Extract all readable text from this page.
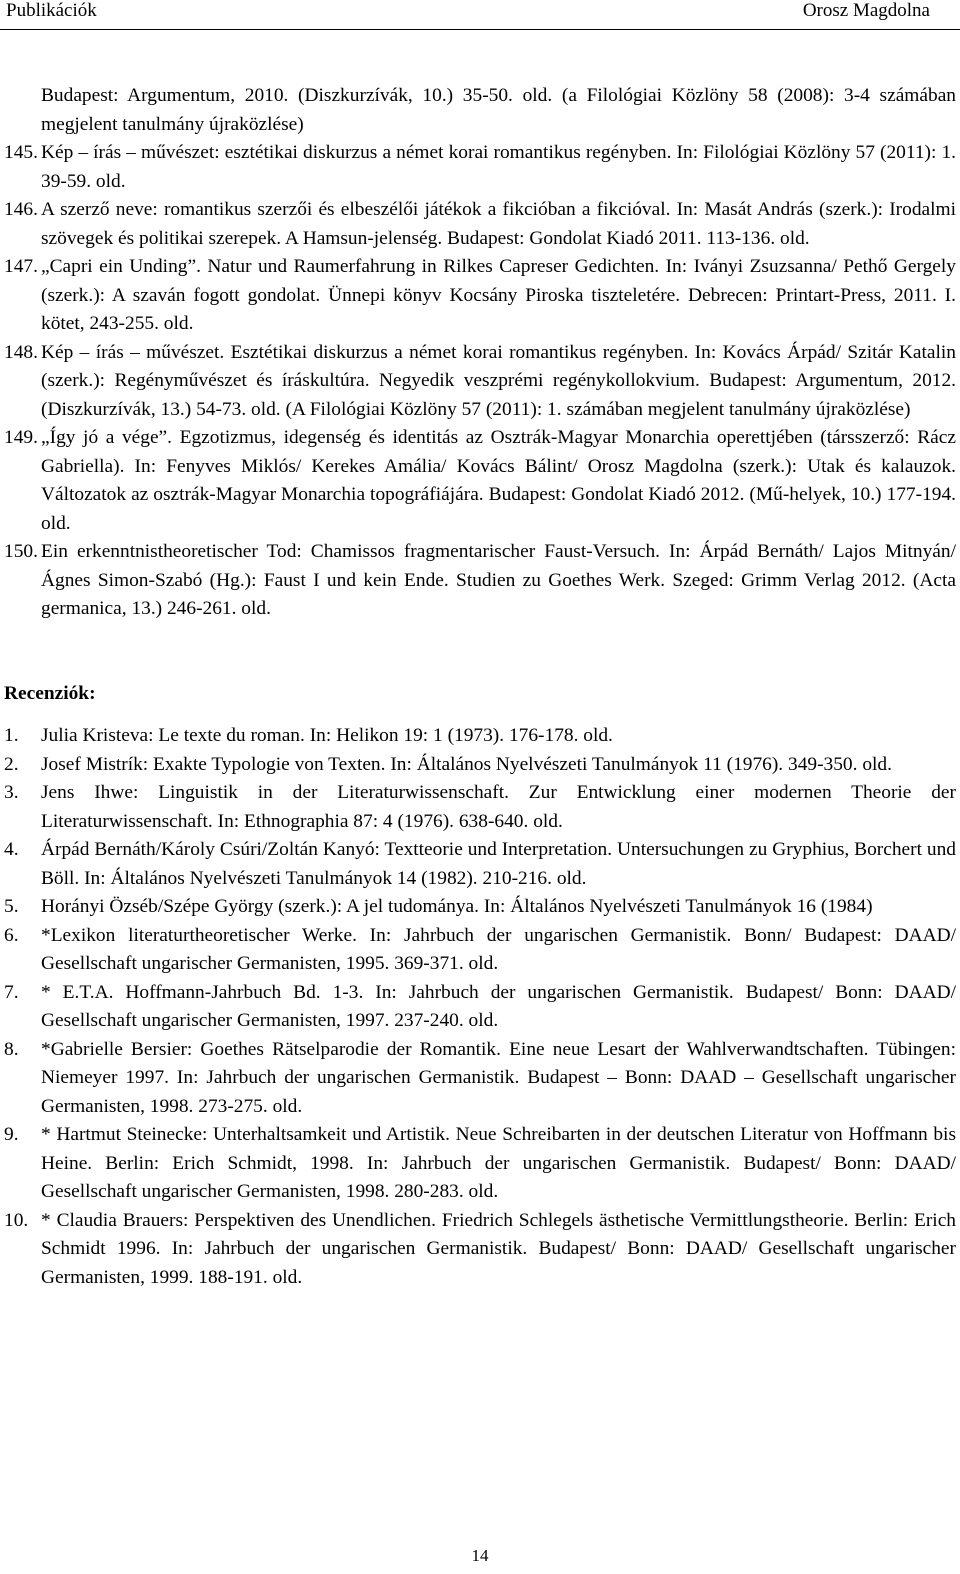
Publikációk	Orosz Magdolna
Budapest: Argumentum, 2010. (Diszkurzívák, 10.) 35-50. old. (a Filológiai Közlöny 58 (2008): 3-4 számában megjelent tanulmány újraközlése)
145. Kép – írás – művészet: esztétikai diskurzus a német korai romantikus regényben. In: Filológiai Közlöny 57 (2011): 1. 39-59. old.
146. A szerző neve: romantikus szerzői és elbeszélői játékok a fikcióban a fikcióval. In: Masát András (szerk.): Irodalmi szövegek és politikai szerepek. A Hamsun-jelenség. Budapest: Gondolat Kiadó 2011. 113-136. old.
147. „Capri ein Unding”. Natur und Raumerfahrung in Rilkes Capreser Gedichten. In: Iványi Zsuzsanna/ Pethő Gergely (szerk.): A szaván fogott gondolat. Ünnepi könyv Kocsány Piroska tiszteletére. Debrecen: Printart-Press, 2011. I. kötet, 243-255. old.
148. Kép – írás – művészet. Esztétikai diskurzus a német korai romantikus regényben. In: Kovács Árpád/ Szitár Katalin (szerk.): Regényművészet és íráskultúra. Negyedik veszprémi regénykollokvium. Budapest: Argumentum, 2012. (Diszkurzívák, 13.) 54-73. old. (A Filológiai Közlöny 57 (2011): 1. számában megjelent tanulmány újraközlése)
149. „Így jó a vége”. Egzotizmus, idegenség és identitás az Osztrák-Magyar Monarchia operettjében (társszerző: Rácz Gabriella). In: Fenyves Miklós/ Kerekes Amália/ Kovács Bálint/ Orosz Magdolna (szerk.): Utak és kalauzok. Változatok az osztrák-Magyar Monarchia topográfiájára. Budapest: Gondolat Kiadó 2012. (Mű-helyek, 10.) 177-194. old.
150. Ein erkenntnistheoretischer Tod: Chamissos fragmentarischer Faust-Versuch. In: Árpád Bernáth/ Lajos Mitnyán/ Ágnes Simon-Szabó (Hg.): Faust I und kein Ende. Studien zu Goethes Werk. Szeged: Grimm Verlag 2012. (Acta germanica, 13.) 246-261. old.
Recenziók:
1.	Julia Kristeva: Le texte du roman. In: Helikon 19: 1 (1973). 176-178. old.
2.	Josef Mistrík: Exakte Typologie von Texten. In: Általános Nyelvészeti Tanulmányok 11 (1976). 349-350. old.
3.	Jens Ihwe: Linguistik in der Literaturwissenschaft. Zur Entwicklung einer modernen Theorie der Literaturwissenschaft. In: Ethnographia 87: 4 (1976). 638-640. old.
4.	Árpád Bernáth/Károly Csúri/Zoltán Kanyó: Textteorie und Interpretation. Untersuchungen zu Gryphius, Borchert und Böll. In: Általános Nyelvészeti Tanulmányok 14 (1982). 210-216. old.
5.	Horányi Özséb/Szépe György (szerk.): A jel tudománya. In: Általános Nyelvészeti Tanulmányok 16 (1984)
6.	*Lexikon literaturtheoretischer Werke. In: Jahrbuch der ungarischen Germanistik. Bonn/ Budapest: DAAD/ Gesellschaft ungarischer Germanisten, 1995. 369-371. old.
7.	* E.T.A. Hoffmann-Jahrbuch Bd. 1-3. In: Jahrbuch der ungarischen Germanistik. Budapest/ Bonn: DAAD/ Gesellschaft ungarischer Germanisten, 1997. 237-240. old.
8.	*Gabrielle Bersier: Goethes Rätselparodie der Romantik. Eine neue Lesart der Wahlverwandtschaften. Tübingen: Niemeyer 1997. In: Jahrbuch der ungarischen Germanistik. Budapest – Bonn: DAAD – Gesellschaft ungarischer Germanisten, 1998. 273-275. old.
9.	* Hartmut Steinecke: Unterhaltsamkeit und Artistik. Neue Schreibarten in der deutschen Literatur von Hoffmann bis Heine. Berlin: Erich Schmidt, 1998. In: Jahrbuch der ungarischen Germanistik. Budapest/ Bonn: DAAD/ Gesellschaft ungarischer Germanisten, 1998. 280-283. old.
10. * Claudia Brauers: Perspektiven des Unendlichen. Friedrich Schlegels ästhetische Vermittlungstheorie. Berlin: Erich Schmidt 1996. In: Jahrbuch der ungarischen Germanistik. Budapest/ Bonn: DAAD/ Gesellschaft ungarischer Germanisten, 1999. 188-191. old.
14
